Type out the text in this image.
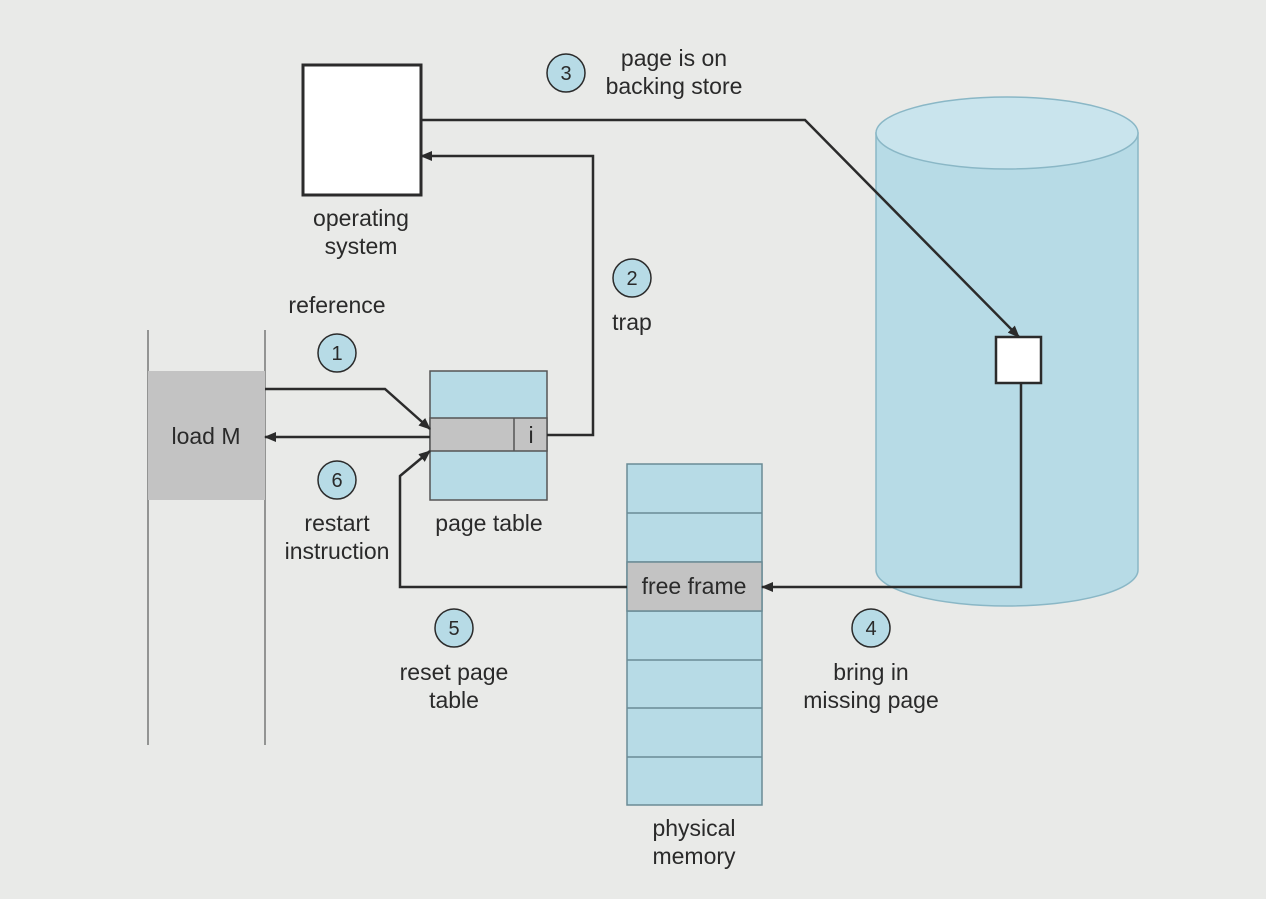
operating
system
load M
reference
i
page table
restart
instruction
trap
page is on
backing store
free frame
physical
memory
reset page
table
bring in
missing page
1
2
3
4
5
6
